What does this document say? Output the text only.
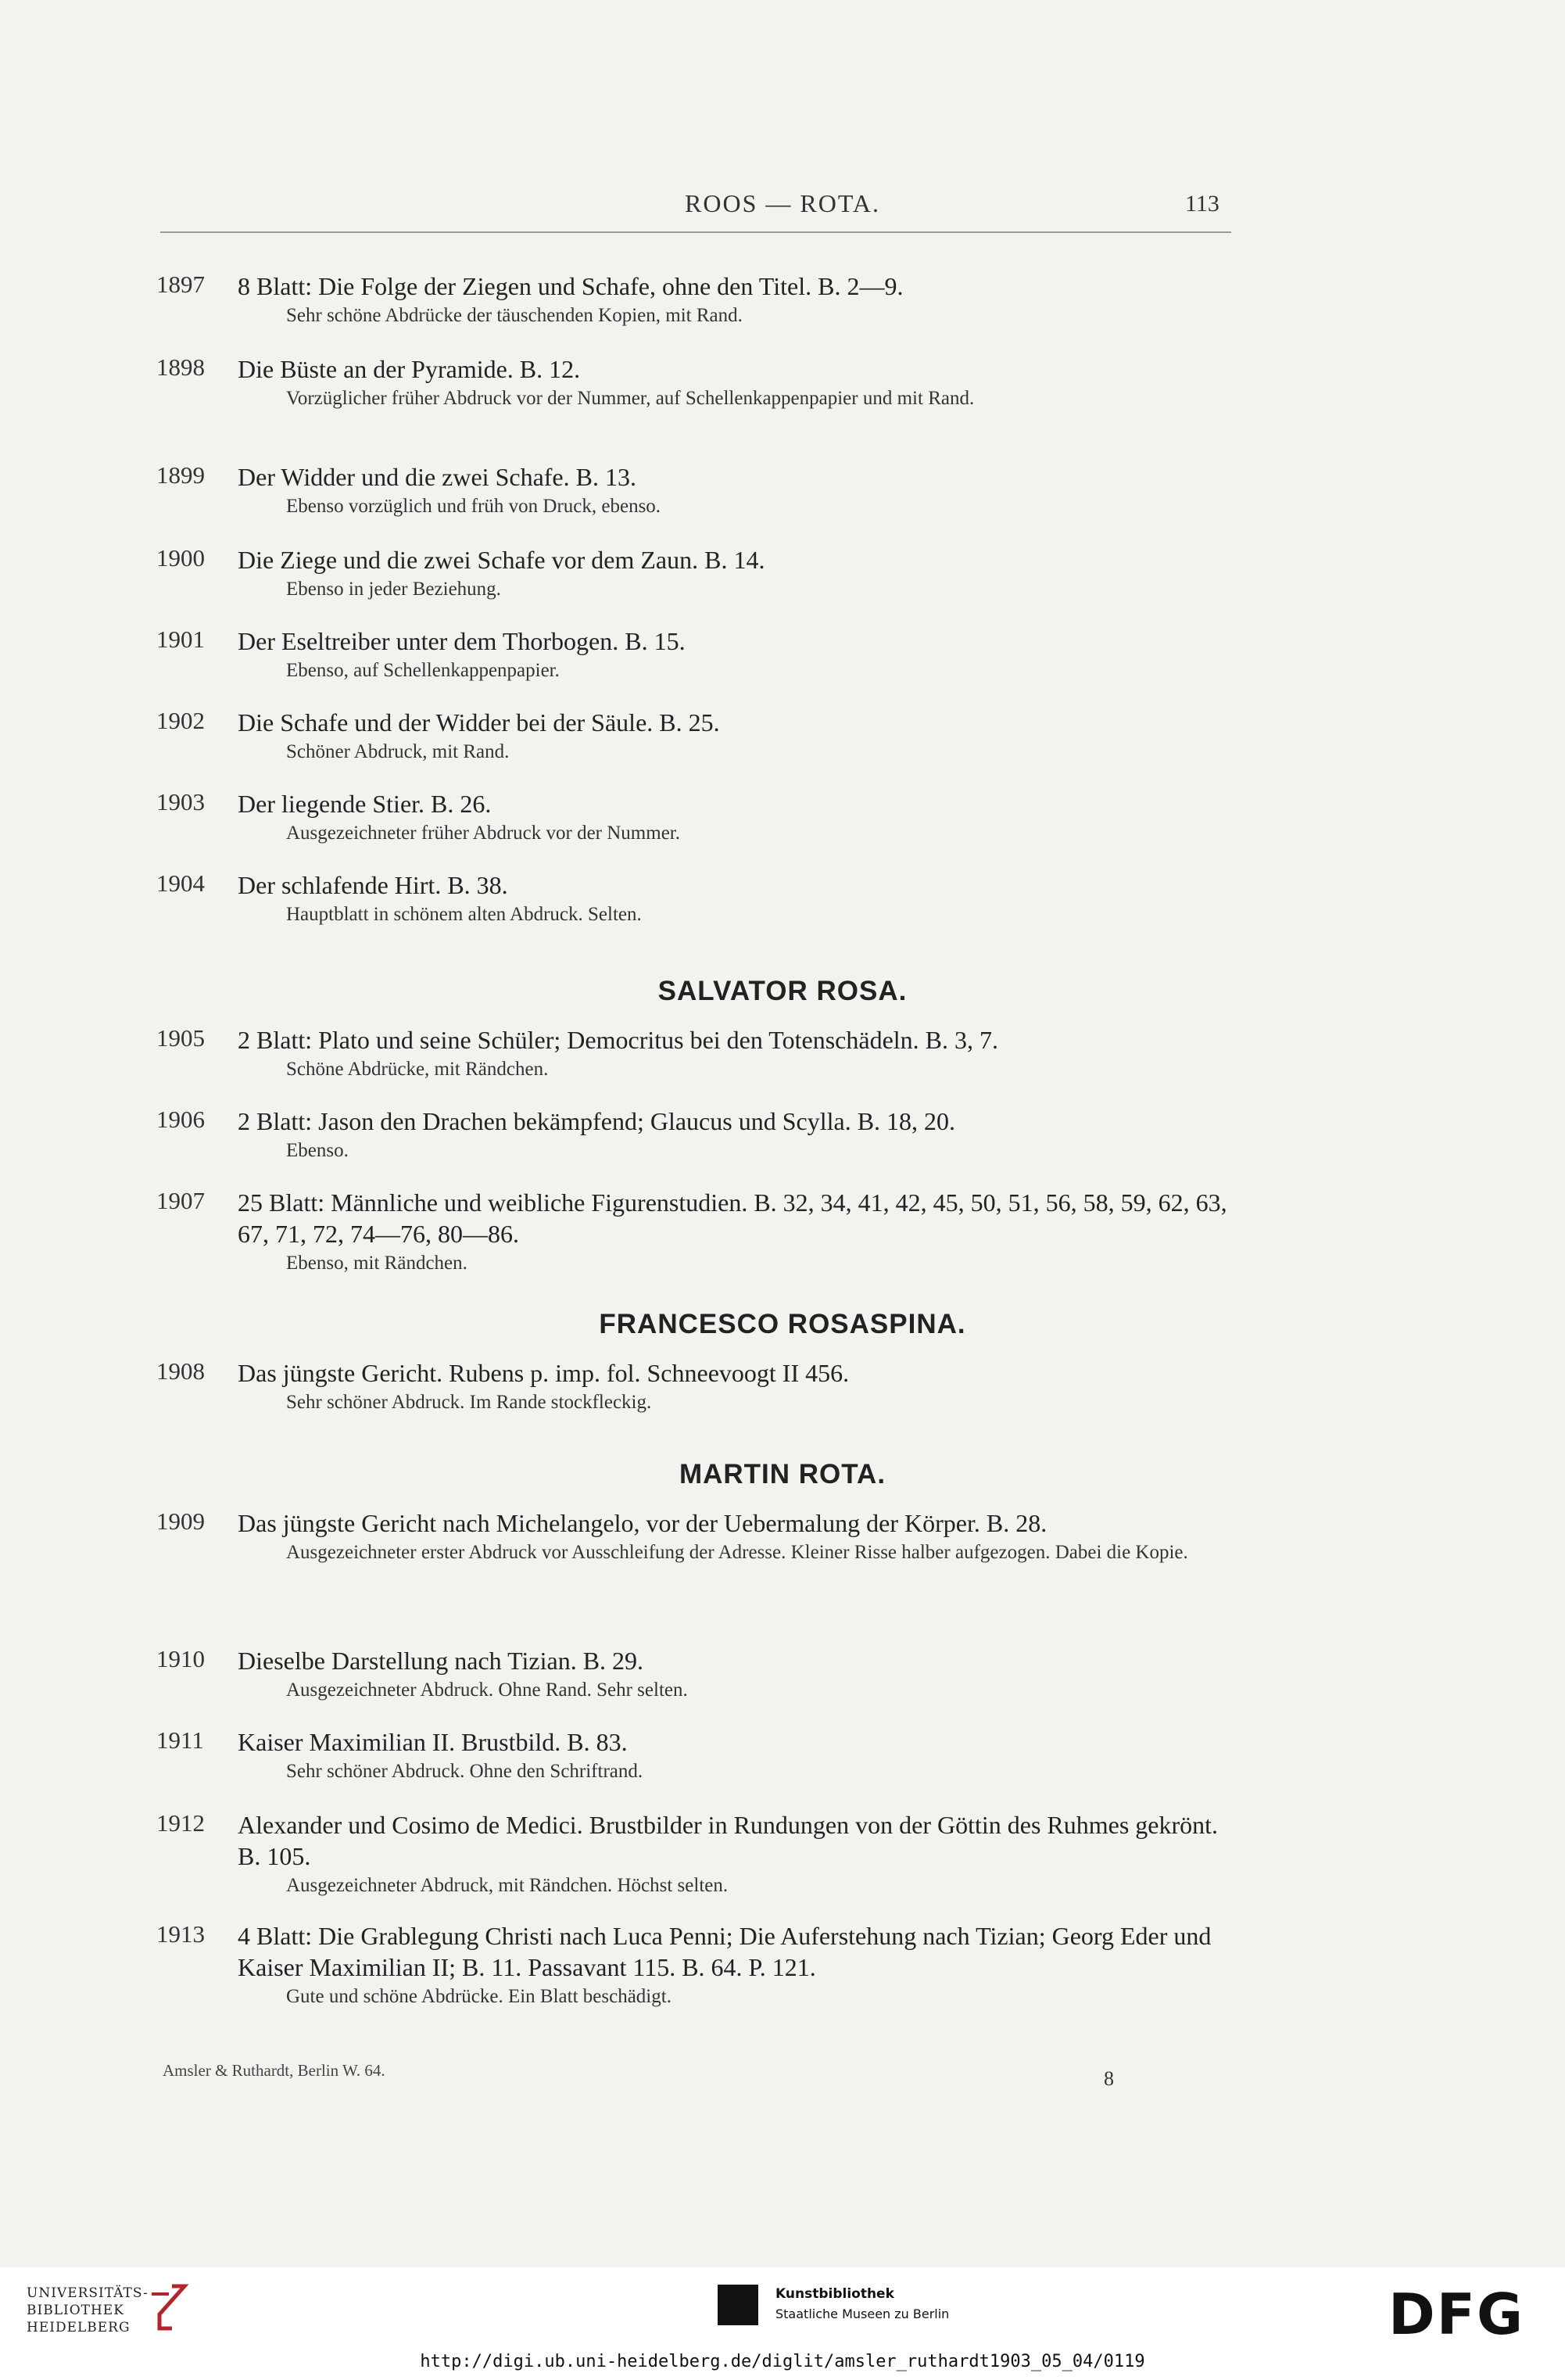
ROOS — ROTA.	113
1897	8 Blatt: Die Folge der Ziegen und Schafe, ohne den Titel. B. 2—9.
Sehr schöne Abdrücke der täuschenden Kopien, mit Rand.
1898	Die Büste an der Pyramide. B. 12.
Vorzüglicher früher Abdruck vor der Nummer, auf Schellenkappenpapier und mit Rand.
1899	Der Widder und die zwei Schafe. B. 13.
Ebenso vorzüglich und früh von Druck, ebenso.
1900	Die Ziege und die zwei Schafe vor dem Zaun. B. 14.
Ebenso in jeder Beziehung.
1901	Der Eseltreiber unter dem Thorbogen. B. 15.
Ebenso, auf Schellenkappenpapier.
1902	Die Schafe und der Widder bei der Säule. B. 25.
Schöner Abdruck, mit Rand.
1903	Der liegende Stier. B. 26.
Ausgezeichneter früher Abdruck vor der Nummer.
1904	Der schlafende Hirt. B. 38.
Hauptblatt in schönem alten Abdruck. Selten.
SALVATOR ROSA.
1905	2 Blatt: Plato und seine Schüler; Democritus bei den Totenschädeln. B. 3, 7.
Schöne Abdrücke, mit Rändchen.
1906	2 Blatt: Jason den Drachen bekämpfend; Glaucus und Scylla. B. 18, 20.
Ebenso.
1907	25 Blatt: Männliche und weibliche Figurenstudien. B. 32, 34, 41, 42, 45, 50, 51, 56, 58, 59, 62, 63, 67, 71, 72, 74—76, 80—86.
Ebenso, mit Rändchen.
FRANCESCO ROSASPINA.
1908	Das jüngste Gericht. Rubens p. imp. fol. Schneevoogt II 456.
Sehr schöner Abdruck. Im Rande stockfleckig.
MARTIN ROTA.
1909	Das jüngste Gericht nach Michelangelo, vor der Uebermalung der Körper. B. 28.
Ausgezeichneter erster Abdruck vor Ausschleifung der Adresse. Kleiner Risse halber aufgezogen. Dabei die Kopie.
1910	Dieselbe Darstellung nach Tizian. B. 29.
Ausgezeichneter Abdruck. Ohne Rand. Sehr selten.
1911	Kaiser Maximilian II. Brustbild. B. 83.
Sehr schöner Abdruck. Ohne den Schriftrand.
1912	Alexander und Cosimo de Medici. Brustbilder in Rundungen von der Göttin des Ruhmes gekrönt. B. 105.
Ausgezeichneter Abdruck, mit Rändchen. Höchst selten.
1913	4 Blatt: Die Grablegung Christi nach Luca Penni; Die Auferstehung nach Tizian; Georg Eder und Kaiser Maximilian II; B. 11. Passavant 115. B. 64. P. 121.
Gute und schöne Abdrücke. Ein Blatt beschädigt.
Amsler & Ruthardt, Berlin W. 64.	8
UNIVERSITÄTS-
BIBLIOTHEK
HEIDELBERG
Kunstbibliothek
Staatliche Museen zu Berlin	DFG
http://digi.ub.uni-heidelberg.de/diglit/amsler_ruthardt1903_05_04/0119
